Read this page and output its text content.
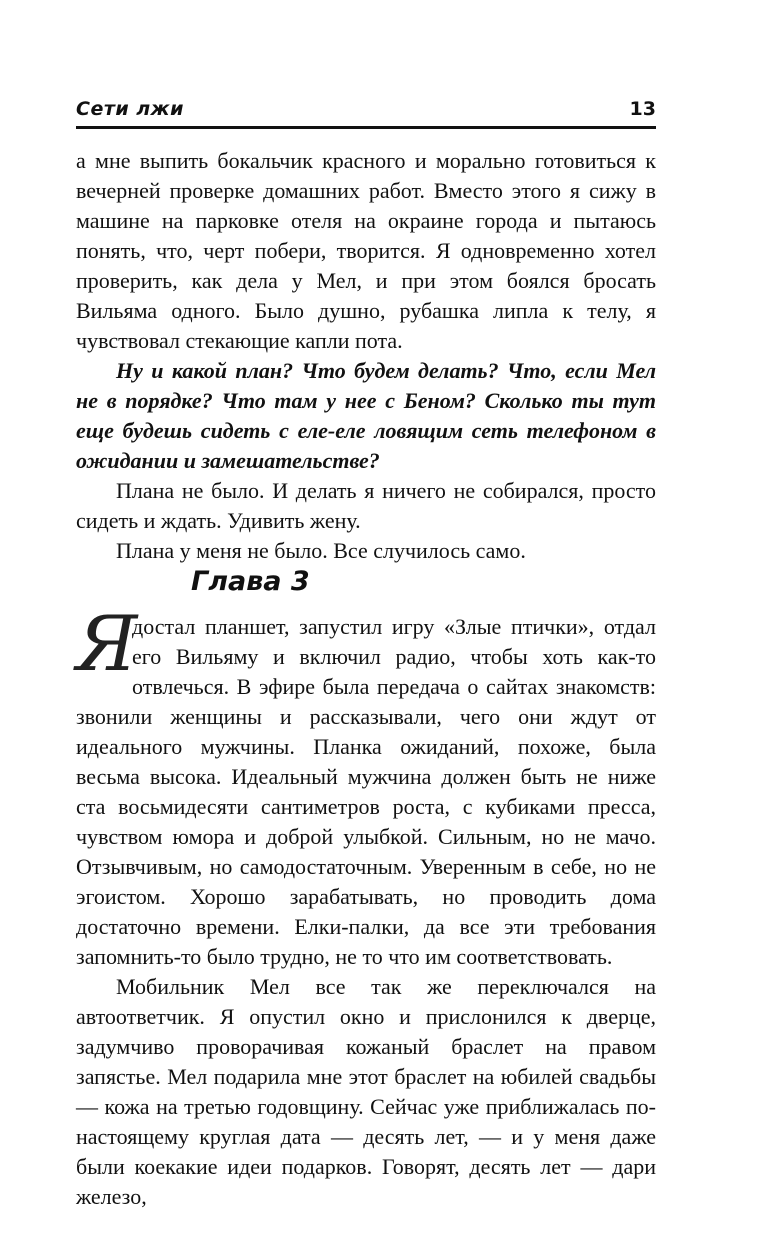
Сети лжи	13

а мне выпить бокальчик красного и морально готовиться к вечерней проверке домашних работ. Вместо этого я сижу в машине на парковке отеля на окраине города и пытаюсь понять, что, черт побери, творится. Я одновременно хотел проверить, как дела у Мел, и при этом боялся бросать Вильяма одного. Было душно, рубашка липла к телу, я чувствовал стекающие капли пота.

Ну и какой план? Что будем делать? Что, если Мел не в порядке? Что там у нее с Беном? Сколько ты тут еще будешь сидеть с еле-еле ловящим сеть телефоном в ожидании и замешательстве?

Плана не было. И делать я ничего не собирался, просто сидеть и ждать. Удивить жену.

Плана у меня не было. Все случилось само.

Глава 3

Я
достал планшет, запустил игру «Злые птички», отдал его Вильяму и включил радио, чтобы хоть как-то отвлечься. В эфире была передача о сайтах знакомств: звонили женщины и рассказывали, чего они ждут от идеального мужчины. Планка ожиданий, похоже, была весьма высока. Идеальный мужчина должен быть не ниже ста восьмидесяти сантиметров роста, с кубиками пресса, чувством юмора и доброй улыбкой. Сильным, но не мачо. Отзывчивым, но самодостаточным. Уверенным в себе, но не эгоистом. Хорошо зарабатывать, но проводить дома достаточно времени. Елки-палки, да все эти требования запомнить-то было трудно, не то что им соответствовать.

Мобильник Мел все так же переключался на автоответчик. Я опустил окно и прислонился к дверце, задумчиво проворачивая кожаный браслет на правом запястье. Мел подарила мне этот браслет на юбилей свадьбы — кожа на третью годовщину. Сейчас уже приближалась по-настоящему круглая дата — десять лет, — и у меня даже были коекакие идеи подарков. Говорят, десять лет — дари железо,
